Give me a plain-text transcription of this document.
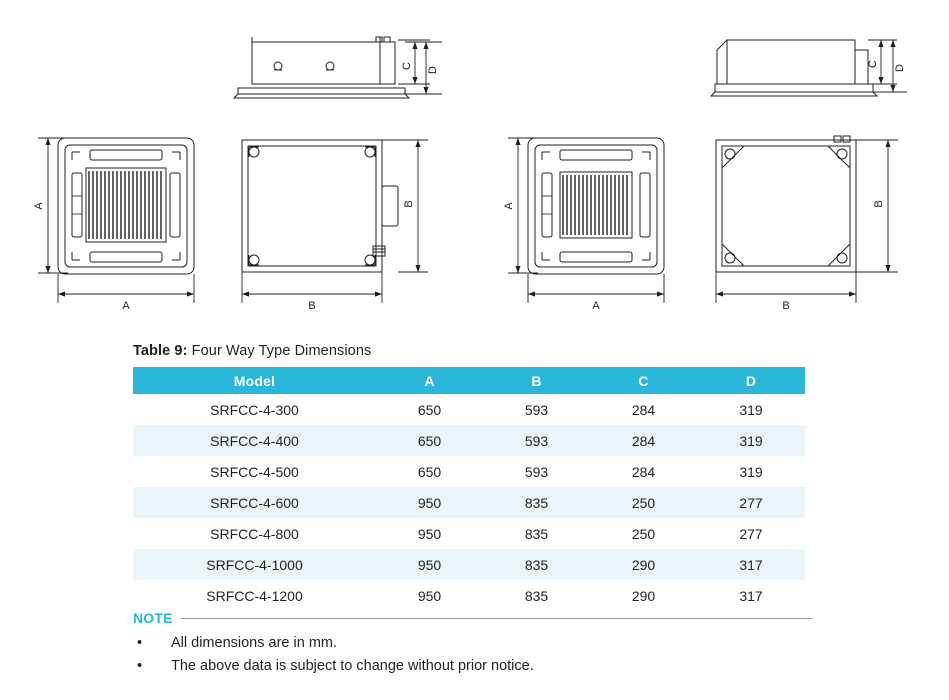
C
D
C
D
A
A
B
B
A
A
B
B
Table 9: Four Way Type Dimensions
Model	A	B	C	D
SRFCC-4-300	650	593	284	319
SRFCC-4-400	650	593	284	319
SRFCC-4-500	650	593	284	319
SRFCC-4-600	950	835	250	277
SRFCC-4-800	950	835	250	277
SRFCC-4-1000	950	835	290	317
SRFCC-4-1200	950	835	290	317
NOTE
• All dimensions are in mm.
• The above data is subject to change without prior notice.
